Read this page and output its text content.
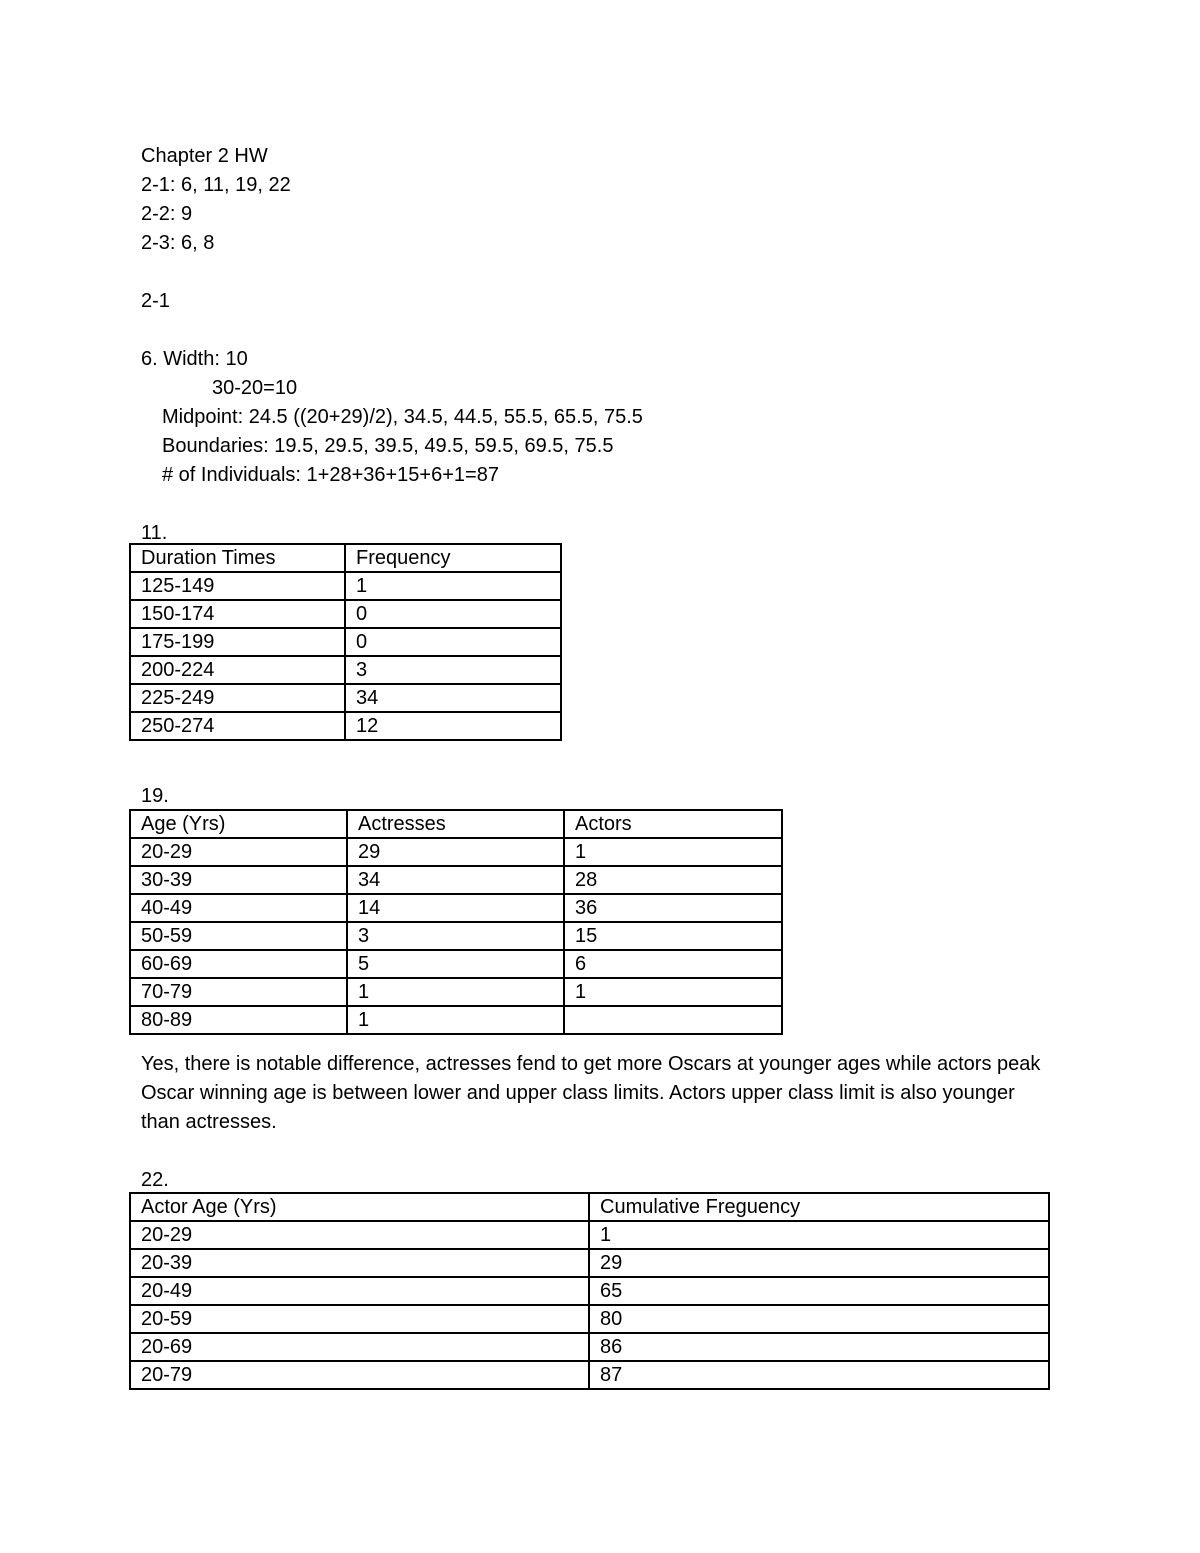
Chapter 2 HW
2-1: 6, 11, 19, 22
2-2: 9
2-3: 6, 8
2-1
6. Width: 10
30-20=10
Midpoint: 24.5 ((20+29)/2), 34.5, 44.5, 55.5, 65.5, 75.5
Boundaries: 19.5, 29.5, 39.5, 49.5, 59.5, 69.5, 75.5
# of Individuals: 1+28+36+15+6+1=87
11.
Duration Times	Frequency
125-149	1
150-174	0
175-199	0
200-224	3
225-249	34
250-274	12
19.
Age (Yrs)	Actresses	Actors
20-29	29	1
30-39	34	28
40-49	14	36
50-59	3	15
60-69	5	6
70-79	1	1
80-89	1	
Yes, there is notable difference, actresses fend to get more Oscars at younger ages while actors peak Oscar winning age is between lower and upper class limits. Actors upper class limit is also younger than actresses.
22.
Actor Age (Yrs)	Cumulative Freguency
20-29	1
20-39	29
20-49	65
20-59	80
20-69	86
20-79	87
